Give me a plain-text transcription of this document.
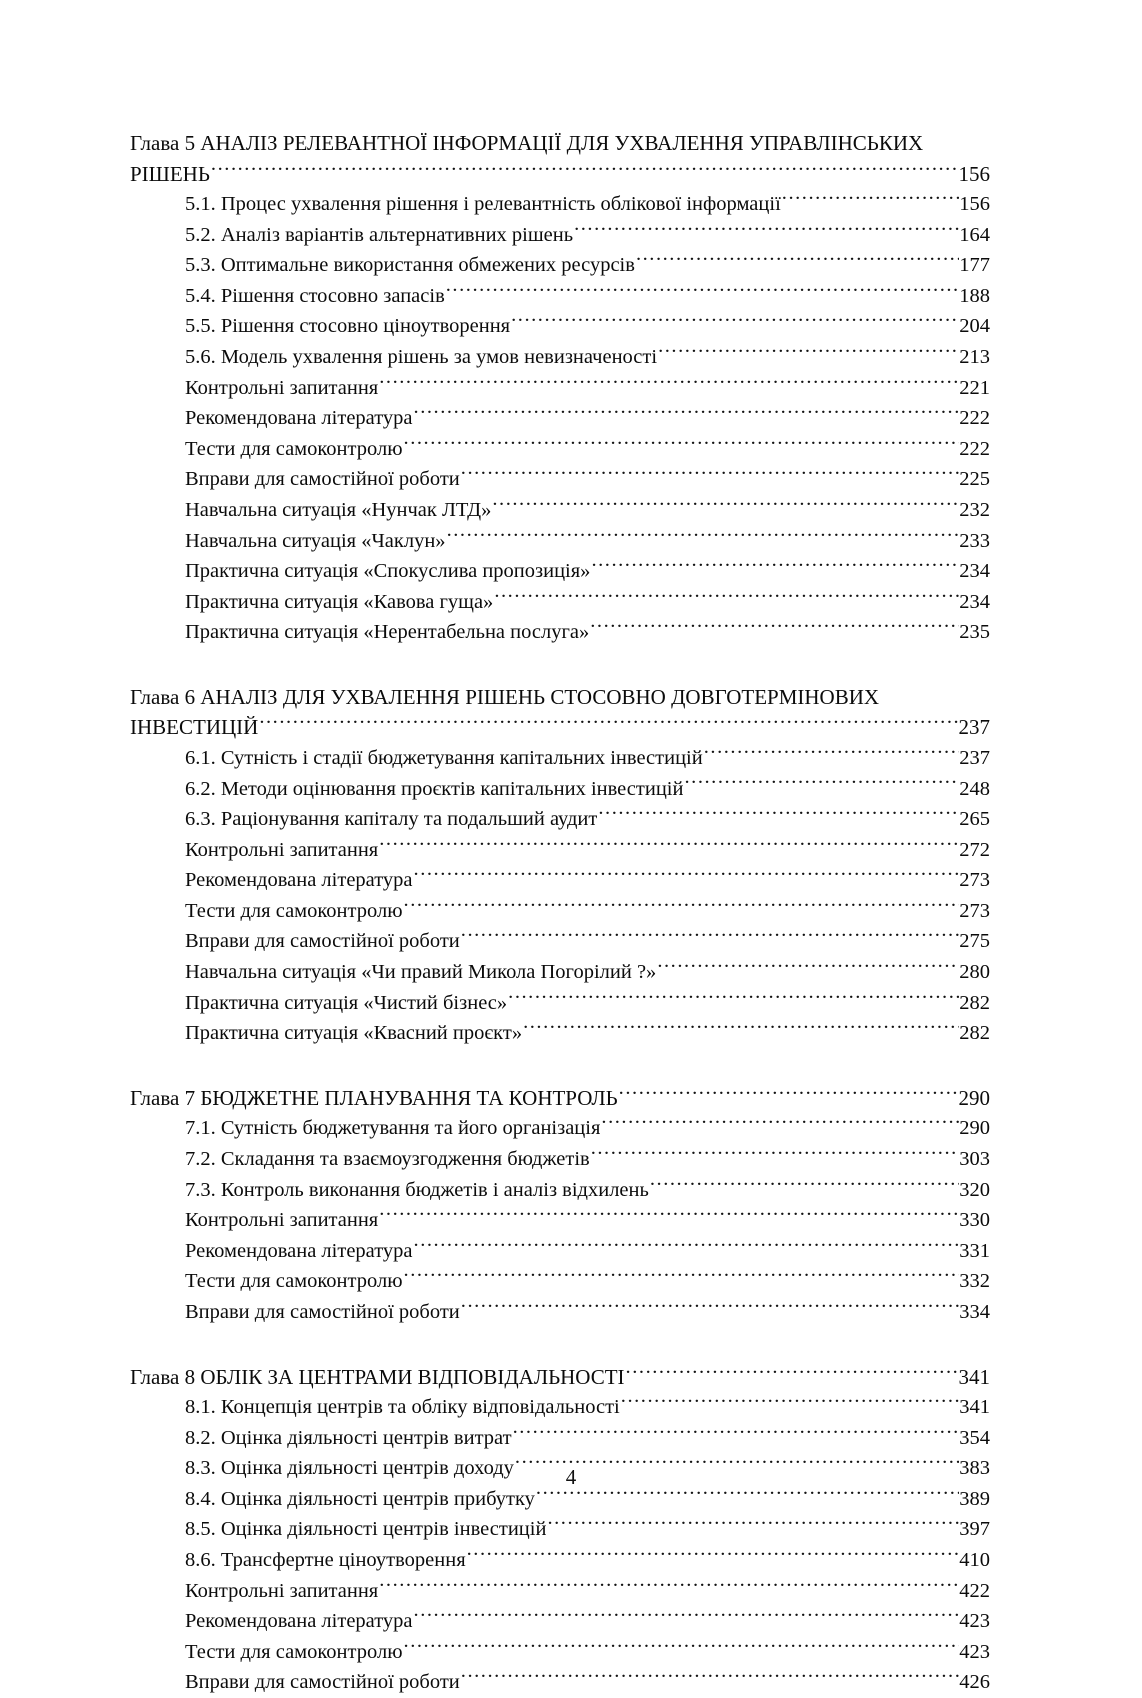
Глава 5 АНАЛІЗ РЕЛЕВАНТНОЇ ІНФОРМАЦІЇ ДЛЯ УХВАЛЕННЯ УПРАВЛІНСЬКИХ
РІШЕНЬ .....	156
5.1. Процес ухвалення рішення і релевантність облікової інформації .....	156
5.2. Аналіз варіантів альтернативних рішень .....	164
5.3. Оптимальне використання обмежених ресурсів .....	177
5.4. Рішення стосовно запасів .....	188
5.5. Рішення стосовно ціноутворення .....	204
5.6. Модель ухвалення рішень за умов невизначеності .....	213
Контрольні запитання .....	221
Рекомендована література .....	222
Тести для самоконтролю .....	222
Вправи для самостійної роботи .....	225
Навчальна ситуація «Нунчак ЛТД» .....	232
Навчальна ситуація «Чаклун» .....	233
Практична ситуація «Спокуслива пропозиція» .....	234
Практична ситуація «Кавова гуща» .....	234
Практична ситуація «Нерентабельна послуга» .....	235
Глава 6 АНАЛІЗ ДЛЯ УХВАЛЕННЯ РІШЕНЬ СТОСОВНО ДОВГОТЕРМІНОВИХ
ІНВЕСТИЦІЙ .....	237
6.1. Сутність і стадії бюджетування капітальних інвестицій .....	237
6.2. Методи оцінювання проєктів капітальних інвестицій .....	248
6.3. Раціонування капіталу та подальший аудит .....	265
Контрольні запитання .....	272
Рекомендована література .....	273
Тести для самоконтролю .....	273
Вправи для самостійної роботи .....	275
Навчальна ситуація «Чи правий Микола Погорілий ?» .....	280
Практична ситуація «Чистий бізнес» .....	282
Практична ситуація «Квасний проєкт» .....	282
Глава 7 БЮДЖЕТНЕ ПЛАНУВАННЯ ТА КОНТРОЛЬ .....	290
7.1. Сутність бюджетування та його організація .....	290
7.2. Складання та взаємоузгодження бюджетів .....	303
7.3. Контроль виконання бюджетів і аналіз відхилень .....	320
Контрольні запитання .....	330
Рекомендована література .....	331
Тести для самоконтролю .....	332
Вправи для самостійної роботи .....	334
Глава 8 ОБЛІК ЗА ЦЕНТРАМИ ВІДПОВІДАЛЬНОСТІ .....	341
8.1. Концепція центрів та обліку відповідальності .....	341
8.2. Оцінка діяльності центрів витрат .....	354
8.3. Оцінка діяльності центрів доходу .....	383
8.4. Оцінка діяльності центрів прибутку .....	389
8.5. Оцінка діяльності центрів інвестицій .....	397
8.6. Трансфертне ціноутворення .....	410
Контрольні запитання .....	422
Рекомендована література .....	423
Тести для самоконтролю .....	423
Вправи для самостійної роботи .....	426
4
